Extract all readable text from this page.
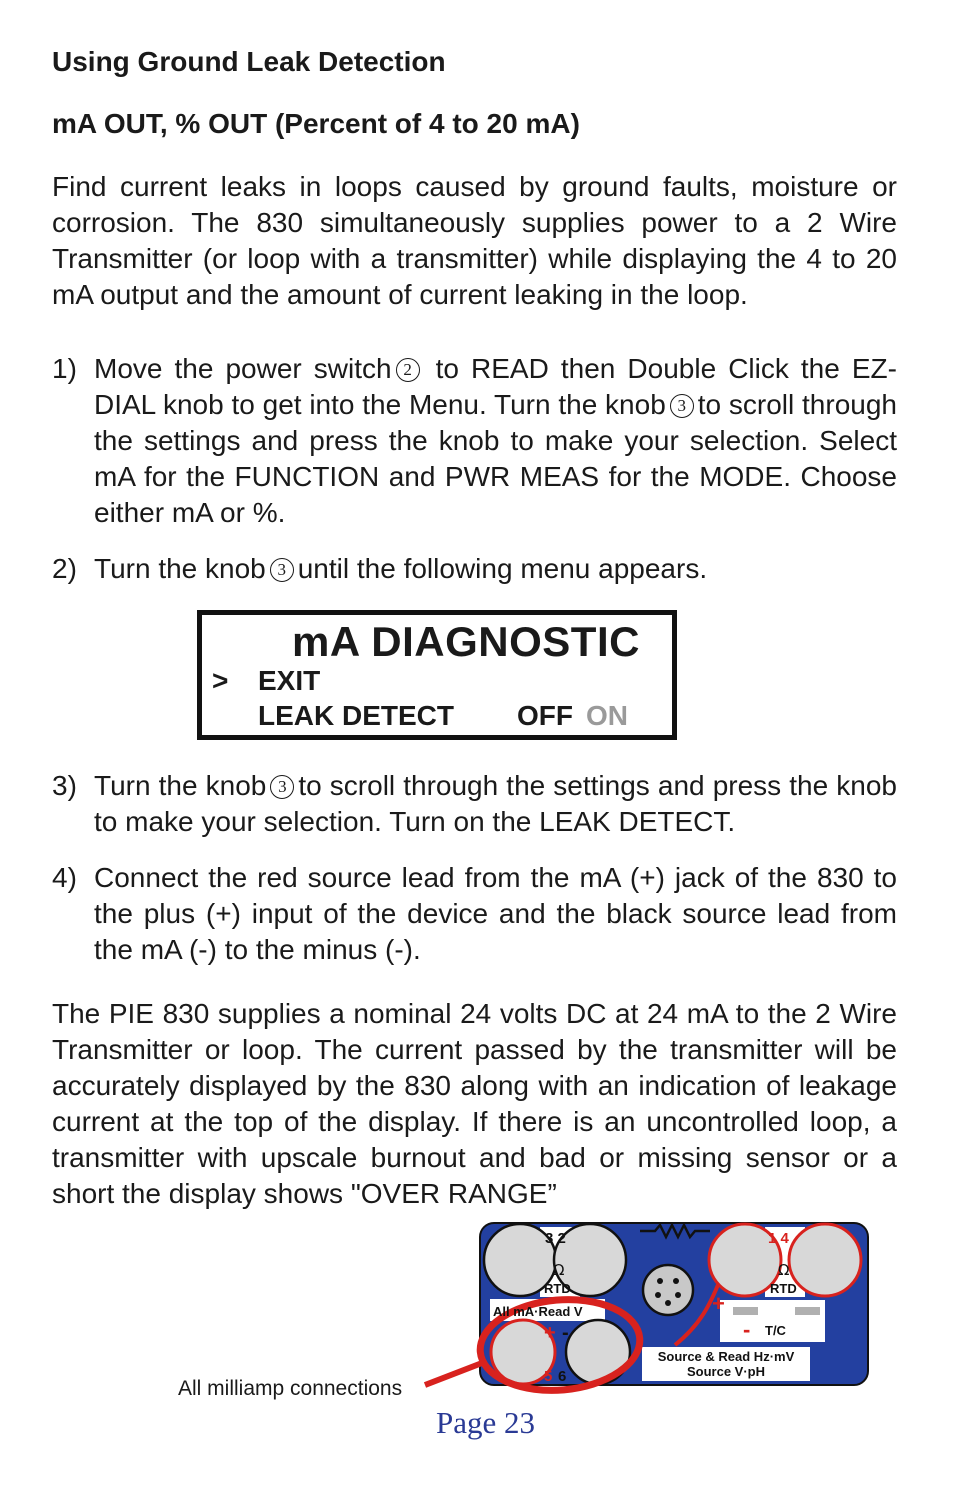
Using Ground Leak Detection
mA OUT, % OUT (Percent of 4 to 20 mA)

Find current leaks in loops caused by ground faults, moisture or corrosion. The 830 simultaneously supplies power to a 2 Wire Transmitter (or loop with a transmitter) while displaying the 4 to 20 mA output and the amount of current leaking in the loop.

1) Move the power switch 2 to READ then Double Click the EZ-DIAL knob to get into the Menu. Turn the knob 3 to scroll through the settings and press the knob to make your selection. Select mA for the FUNCTION and PWR MEAS for the MODE. Choose either mA or %.
2) Turn the knob 3 until the following menu appears.
mA DIAGNOSTIC
> EXIT
LEAK DETECT OFF ON
3) Turn the knob 3 to scroll through the settings and press the knob to make your selection. Turn on the LEAK DETECT.
4) Connect the red source lead from the mA (+) jack of the 830 to the plus (+) input of the device and the black source lead from the mA (-) to the minus (-).

The PIE 830 supplies a nominal 24 volts DC at 24 mA to the 2 Wire Transmitter or loop. The current passed by the transmitter will be accurately displayed by the 830 along with an indication of leakage current at the top of the display. If there is an uncontrolled loop, a transmitter with upscale burnout and bad or missing sensor or a short the display shows "OVER RANGE”

3 2	1 4
Ω	Ω
RTD	RTD
All mA·Read V
+ -
+
- T/C
5 6
Source & Read Hz·mV
Source V·pH
All milliamp connections
Page 23
